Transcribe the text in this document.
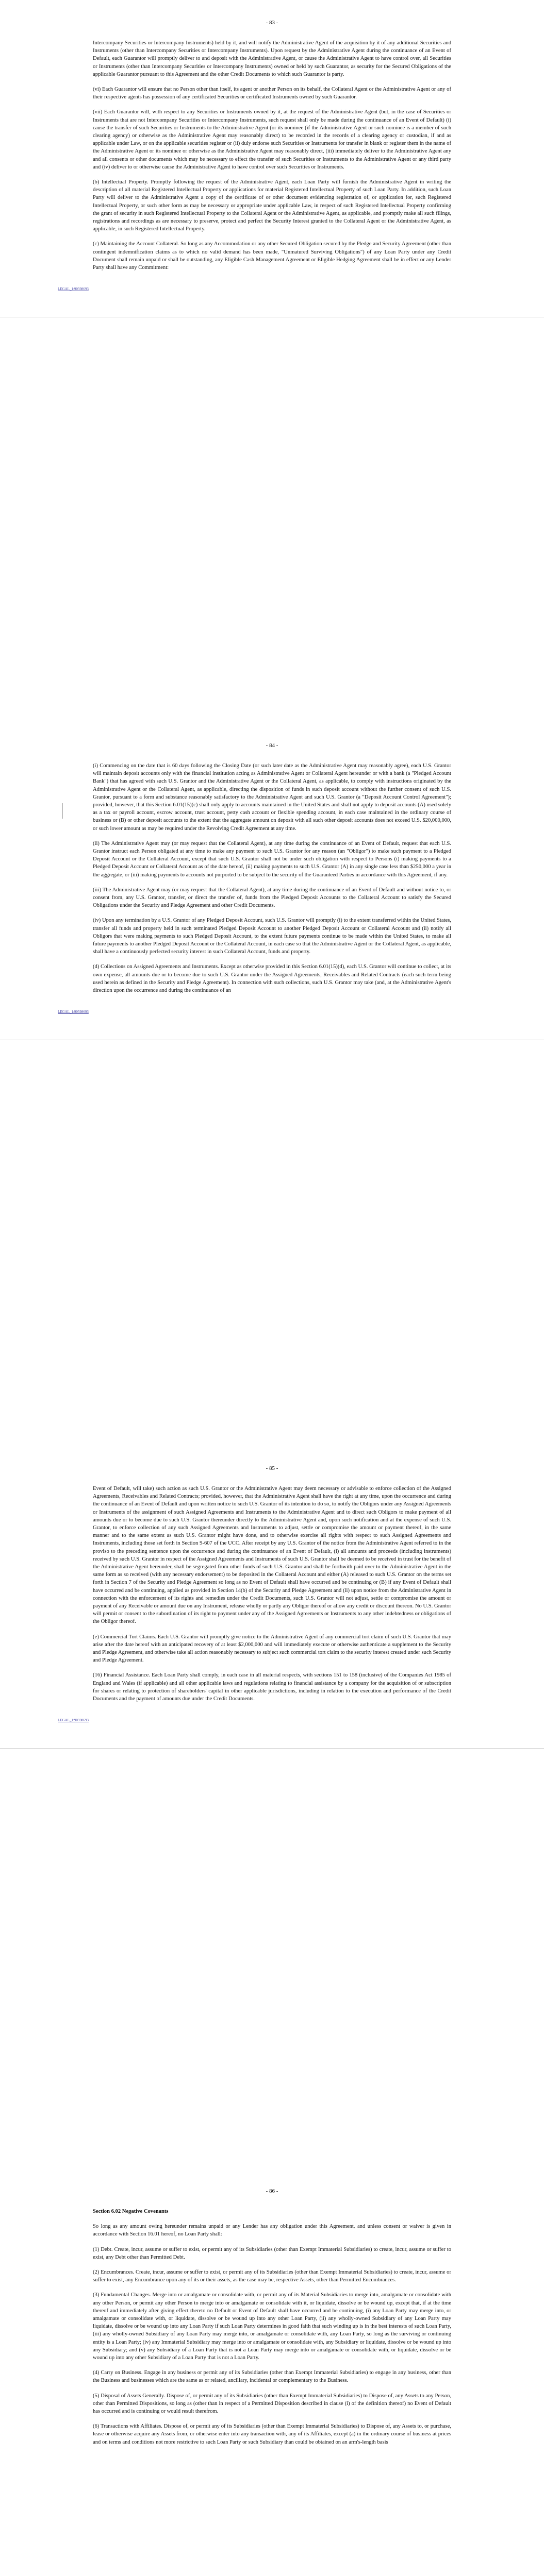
- 83 -

Intercompany Securities or Intercompany Instruments) held by it, and will notify the Administrative Agent of the acquisition by it of any additional Securities and Instruments (other than Intercompany Securities or Intercompany Instruments). Upon request by the Administrative Agent during the continuance of an Event of Default, each Guarantor will promptly deliver to and deposit with the Administrative Agent, or cause the Administrative Agent to have control over, all Securities or Instruments (other than Intercompany Securities or Intercompany Instruments) owned or held by such Guarantor, as security for the Secured Obligations of the applicable Guarantor pursuant to this Agreement and the other Credit Documents to which such Guarantor is party.

(vi) Each Guarantor will ensure that no Person other than itself, its agent or another Person on its behalf, the Collateral Agent or the Administrative Agent or any of their respective agents has possession of any certificated Securities or certificated Instruments owned by such Guarantor.

(vii) Each Guarantor will, with respect to any Securities or Instruments owned by it, at the request of the Administrative Agent (but, in the case of Securities or Instruments that are not Intercompany Securities or Intercompany Instruments, such request shall only be made during the continuance of an Event of Default) (i) cause the transfer of such Securities or Instruments to the Administrative Agent (or its nominee (if the Administrative Agent or such nominee is a member of such clearing agency) or otherwise as the Administrative Agent may reasonably direct) to be recorded in the records of a clearing agency or custodian, if and as applicable under Law, or on the applicable securities register or (ii) duly endorse such Securities or Instruments for transfer in blank or register them in the name of the Administrative Agent or its nominee or otherwise as the Administrative Agent may reasonably direct, (iii) immediately deliver to the Administrative Agent any and all consents or other documents which may be necessary to effect the transfer of such Securities or Instruments to the Administrative Agent or any third party and (iv) deliver to or otherwise cause the Administrative Agent to have control over such Securities or Instruments.

(b) Intellectual Property. Promptly following the request of the Administrative Agent, each Loan Party will furnish the Administrative Agent in writing the description of all material Registered Intellectual Property or applications for material Registered Intellectual Property of such Loan Party. In addition, such Loan Party will deliver to the Administrative Agent a copy of the certificate of or other document evidencing registration of, or application for, such Registered Intellectual Property, or such other form as may be necessary or appropriate under applicable Law, in respect of such Registered Intellectual Property confirming the grant of security in such Registered Intellectual Property to the Collateral Agent or the Administrative Agent, as applicable, and promptly make all such filings, registrations and recordings as are necessary to preserve, protect and perfect the Security Interest granted to the Collateral Agent or the Administrative Agent, as applicable, in such Registered Intellectual Property.

(c) Maintaining the Account Collateral. So long as any Accommodation or any other Secured Obligation secured by the Pledge and Security Agreement (other than contingent indemnification claims as to which no valid demand has been made, "Unmatured Surviving Obligations") of any Loan Party under any Credit Document shall remain unpaid or shall be outstanding, any Eligible Cash Management Agreement or Eligible Hedging Agreement shall be in effect or any Lender Party shall have any Commitment:

LEGAL_1:90598693
- 84 -

(i) Commencing on the date that is 60 days following the Closing Date (or such later date as the Administrative Agent may reasonably agree), each U.S. Grantor will maintain deposit accounts only with the financial institution acting as Administrative Agent or Collateral Agent hereunder or with a bank (a "Pledged Account Bank") that has agreed with such U.S. Grantor and the Administrative Agent or the Collateral Agent, as applicable, to comply with instructions originated by the Administrative Agent or the Collateral Agent, as applicable, directing the disposition of funds in such deposit account without the further consent of such U.S. Grantor, pursuant to a form and substance reasonably satisfactory to the Administrative Agent and such U.S. Grantor (a "Deposit Account Control Agreement"); provided, however, that this Section 6.01(15)(c) shall only apply to accounts maintained in the United States and shall not apply to deposit accounts (A) used solely as a tax or payroll account, escrow account, trust account, petty cash account or flexible spending account, in each case maintained in the ordinary course of business or (B) or other deposit accounts to the extent that the aggregate amount on deposit with all such other deposit accounts does not exceed U.S. $20,000,000, or such lower amount as may be required under the Revolving Credit Agreement at any time.

(ii) The Administrative Agent may (or may request that the Collateral Agent), at any time during the continuance of an Event of Default, request that each U.S. Grantor instruct each Person obligated at any time to make any payment to such U.S. Grantor for any reason (an "Obligor") to make such payment to a Pledged Deposit Account or the Collateral Account, except that such U.S. Grantor shall not be under such obligation with respect to Persons (i) making payments to a Pledged Deposit Account or Collateral Account as of the date hereof, (ii) making payments to such U.S. Grantor (A) in any single case less than $250,000 a year in the aggregate, or (iii) making payments to accounts not purported to be subject to the security of the Guaranteed Parties in accordance with this Agreement, if any.

(iii) The Administrative Agent may (or may request that the Collateral Agent), at any time during the continuance of an Event of Default and without notice to, or consent from, any U.S. Grantor, transfer, or direct the transfer of, funds from the Pledged Deposit Accounts to the Collateral Account to satisfy the Secured Obligations under the Security and Pledge Agreement and other Credit Documents.

(iv) Upon any termination by a U.S. Grantor of any Pledged Deposit Account, such U.S. Grantor will promptly (i) to the extent transferred within the United States, transfer all funds and property held in such terminated Pledged Deposit Account to another Pledged Deposit Account or Collateral Account and (ii) notify all Obligors that were making payments to such Pledged Deposit Account, to the extent future payments continue to be made within the United States, to make all future payments to another Pledged Deposit Account or the Collateral Account, in each case so that the Administrative Agent or the Collateral Agent, as applicable, shall have a continuously perfected security interest in such Collateral Account, funds and property.

(d) Collections on Assigned Agreements and Instruments. Except as otherwise provided in this Section 6.01(15)(d), each U.S. Grantor will continue to collect, at its own expense, all amounts due or to become due to such U.S. Grantor under the Assigned Agreements, Receivables and Related Contracts (each such term being used herein as defined in the Security and Pledge Agreement). In connection with such collections, such U.S. Grantor may take (and, at the Administrative Agent's direction upon the occurrence and during the continuance of an

LEGAL_1:90598693
- 85 -

Event of Default, will take) such action as such U.S. Grantor or the Administrative Agent may deem necessary or advisable to enforce collection of the Assigned Agreements, Receivables and Related Contracts; provided, however, that the Administrative Agent shall have the right at any time, upon the occurrence and during the continuance of an Event of Default and upon written notice to such U.S. Grantor of its intention to do so, to notify the Obligors under any Assigned Agreements or Instruments of the assignment of such Assigned Agreements and Instruments to the Administrative Agent and to direct such Obligors to make payment of all amounts due or to become due to such U.S. Grantor thereunder directly to the Administrative Agent and, upon such notification and at the expense of such U.S. Grantor, to enforce collection of any such Assigned Agreements and Instruments to adjust, settle or compromise the amount or payment thereof, in the same manner and to the same extent as such U.S. Grantor might have done, and to otherwise exercise all rights with respect to such Assigned Agreements and Instruments, including those set forth in Section 9-607 of the UCC. After receipt by any U.S. Grantor of the notice from the Administrative Agent referred to in the proviso to the preceding sentence upon the occurrence and during the continuance of an Event of Default, (i) all amounts and proceeds (including instruments) received by such U.S. Grantor in respect of the Assigned Agreements and Instruments of such U.S. Grantor shall be deemed to be received in trust for the benefit of the Administrative Agent hereunder, shall be segregated from other funds of such U.S. Grantor and shall be forthwith paid over to the Administrative Agent in the same form as so received (with any necessary endorsement) to be deposited in the Collateral Account and either (A) released to such U.S. Grantor on the terms set forth in Section 7 of the Security and Pledge Agreement so long as no Event of Default shall have occurred and be continuing or (B) if any Event of Default shall have occurred and be continuing, applied as provided in Section 14(b) of the Security and Pledge Agreement and (ii) upon notice from the Administrative Agent in connection with the enforcement of its rights and remedies under the Credit Documents, such U.S. Grantor will not adjust, settle or compromise the amount or payment of any Receivable or amount due on any Instrument, release wholly or partly any Obligor thereof or allow any credit or discount thereon. No U.S. Grantor will permit or consent to the subordination of its right to payment under any of the Assigned Agreements or Instruments to any other indebtedness or obligations of the Obligor thereof.

(e) Commercial Tort Claims. Each U.S. Grantor will promptly give notice to the Administrative Agent of any commercial tort claim of such U.S. Grantor that may arise after the date hereof with an anticipated recovery of at least $2,000,000 and will immediately execute or otherwise authenticate a supplement to the Security and Pledge Agreement, and otherwise take all action reasonably necessary to subject such commercial tort claim to the security interest created under such Security and Pledge Agreement.

(16) Financial Assistance. Each Loan Party shall comply, in each case in all material respects, with sections 151 to 158 (inclusive) of the Companies Act 1985 of England and Wales (if applicable) and all other applicable laws and regulations relating to financial assistance by a company for the acquisition of or subscription for shares or relating to protection of shareholders' capital in other applicable jurisdictions, including in relation to the execution and performance of the Credit Documents and the payment of amounts due under the Credit Documents.

LEGAL_1:90598693
- 86 -

Section 6.02 Negative Covenants

So long as any amount owing hereunder remains unpaid or any Lender has any obligation under this Agreement, and unless consent or waiver is given in accordance with Section 16.01 hereof, no Loan Party shall:

(1) Debt. Create, incur, assume or suffer to exist, or permit any of its Subsidiaries (other than Exempt Immaterial Subsidiaries) to create, incur, assume or suffer to exist, any Debt other than Permitted Debt.

(2) Encumbrances. Create, incur, assume or suffer to exist, or permit any of its Subsidiaries (other than Exempt Immaterial Subsidiaries) to create, incur, assume or suffer to exist, any Encumbrance upon any of its or their assets, as the case may be, respective Assets, other than Permitted Encumbrances.

(3) Fundamental Changes. Merge into or amalgamate or consolidate with, or permit any of its Material Subsidiaries to merge into, amalgamate or consolidate with any other Person, or permit any other Person to merge into or amalgamate or consolidate with it, or liquidate, dissolve or be wound up, except that, if at the time thereof and immediately after giving effect thereto no Default or Event of Default shall have occurred and be continuing, (i) any Loan Party may merge into, or amalgamate or consolidate with, or liquidate, dissolve or be wound up into any other Loan Party, (ii) any wholly-owned Subsidiary of any Loan Party may liquidate, dissolve or be wound up into any Loan Party if such Loan Party determines in good faith that such winding up is in the best interests of such Loan Party, (iii) any wholly-owned Subsidiary of any Loan Party may merge into, or amalgamate or consolidate with, any Loan Party, so long as the surviving or continuing entity is a Loan Party; (iv) any Immaterial Subsidiary may merge into or amalgamate or consolidate with, any Subsidiary or liquidate, dissolve or be wound up into any Subsidiary; and (v) any Subsidiary of a Loan Party that is not a Loan Party may merge into or amalgamate or consolidate with, or liquidate, dissolve or be wound up into any other Subsidiary of a Loan Party that is not a Loan Party.

(4) Carry on Business. Engage in any business or permit any of its Subsidiaries (other than Exempt Immaterial Subsidiaries) to engage in any business, other than the Business and businesses which are the same as or related, ancillary, incidental or complementary to the Business.

(5) Disposal of Assets Generally. Dispose of, or permit any of its Subsidiaries (other than Exempt Immaterial Subsidiaries) to Dispose of, any Assets to any Person, other than Permitted Dispositions, so long as (other than in respect of a Permitted Disposition described in clause (i) of the definition thereof) no Event of Default has occurred and is continuing or would result therefrom.

(6) Transactions with Affiliates. Dispose of, or permit any of its Subsidiaries (other than Exempt Immaterial Subsidiaries) to Dispose of, any Assets to, or purchase, lease or otherwise acquire any Assets from, or otherwise enter into any transaction with, any of its Affiliates, except (a) in the ordinary course of business at prices and on terms and conditions not more restrictive to such Loan Party or such Subsidiary than could be obtained on an arm's-length basis
